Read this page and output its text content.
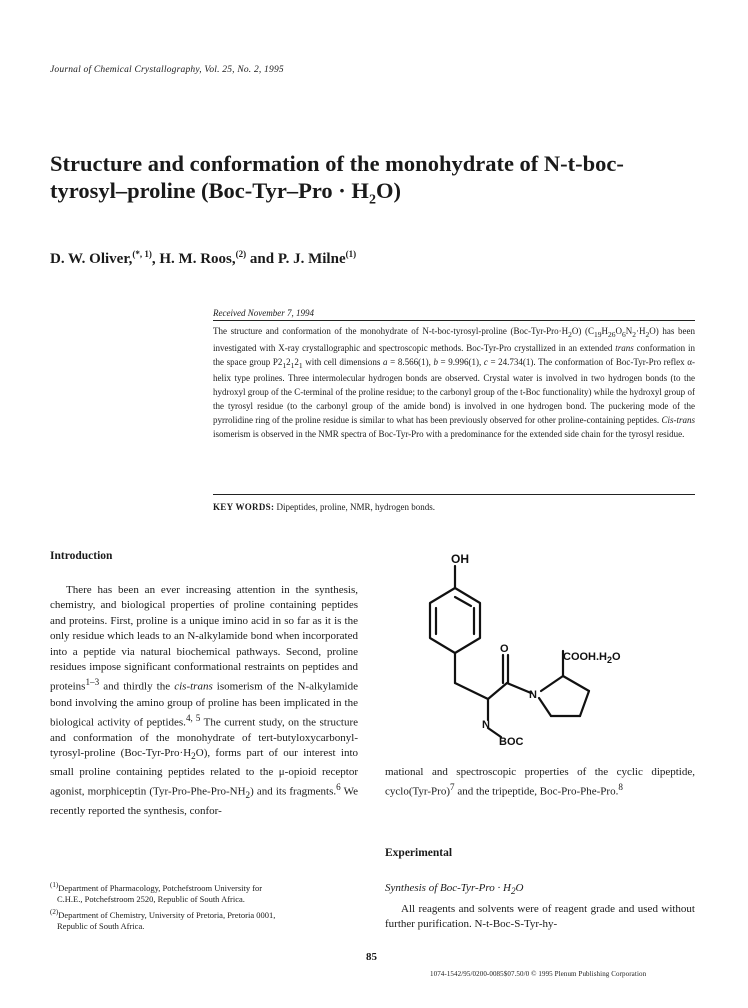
Journal of Chemical Crystallography, Vol. 25, No. 2, 1995
Structure and conformation of the monohydrate of N-t-boc-
tyrosyl–proline $(Boc-Tyr-Pro \cdot H_2O)$
D. W. Oliver,$^{(*, 1)}$, H. M. Roos,$^{(2)}$ and P. J. Milne$^{(1)}$
Received November 7, 1994
The structure and conformation of the monohydrate of N-t-boc-tyrosyl-proline $(Boc-Tyr-Pro\cdot H_2O)$ $(C_{19}H_{26}O_6N_2\cdot H_2O)$ has been investigated with X-ray crystallographic and spectroscopic methods. Boc-Tyr-Pro crystallized in an extended trans conformation in the space group $P2_12_12_1$ with cell dimensions a = 8.566(1), b = 9.996(1), c = 24.734(1). The conformation of Boc-Tyr-Pro reflex α-helix type prolines. Three intermolecular hydrogen bonds are observed. Crystal water is involved in two hydrogen bonds (to the hydroxyl group of the C-terminal of the proline residue; to the carbonyl group of the t-Boc functionality) while the hydroxyl group of the tyrosyl residue (to the carbonyl group of the amide bond) is involved in one hydrogen bond. The puckering mode of the pyrrolidine ring of the proline residue is similar to what has been previously observed for other proline-containing peptides. Cis-trans isomerism is observed in the NMR spectra of Boc-Tyr-Pro with a predominance for the extended side chain for the tyrosyl residue.
KEY WORDS: Dipeptides, proline, NMR, hydrogen bonds.
Introduction

There has been an ever increasing attention in the synthesis, chemistry, and biological properties of proline containing peptides and proteins. First, proline is a unique imino acid in so far as it is the only residue which leads to an N-alkylamide bond when incorporated into a peptide via natural biochemical pathways. Second, proline residues impose significant conformational restraints on peptides and proteins$^{1-3}$ and thirdly the cis-trans isomerism of the N-alkylamide bond involving the amino group of proline has been implicated in the biological activity of peptides.$^{4, 5}$ The current study, on the structure and conformation of the monohydrate of tert-butyloxycarbonyl-tyrosyl-proline $(Boc-Tyr-Pro\cdot H_2O)$, forms part of our interest into small proline containing peptides related to the μ-opioid receptor agonist, morphiceptin $(Tyr-Pro-Phe-Pro-NH_2)$ and its fragments.$^6$ We recently reported the synthesis, confor-

OH
O
$COOH.H_2O$
N
N
BOC

mational and spectroscopic properties of the cyclic dipeptide, $cyclo(Tyr-Pro)^7$ and the tripeptide, Boc-Pro-Phe-Pro.$^8$

Experimental
Synthesis of $Boc-Tyr-Pro \cdot H_2O$

All reagents and solvents were of reagent grade and used without further purification. N-t-Boc-S-Tyr-hy-

$^{(1)}$Department of Pharmacology, Potchefstroom University for
C.H.E., Potchefstroom 2520, Republic of South Africa.
$^{(2)}$Department of Chemistry, University of Pretoria, Pretoria 0001,
Republic of South Africa.
85
1074-1542/95/0200-0085$07.50/0 © 1995 Plenum Publishing Corporation
